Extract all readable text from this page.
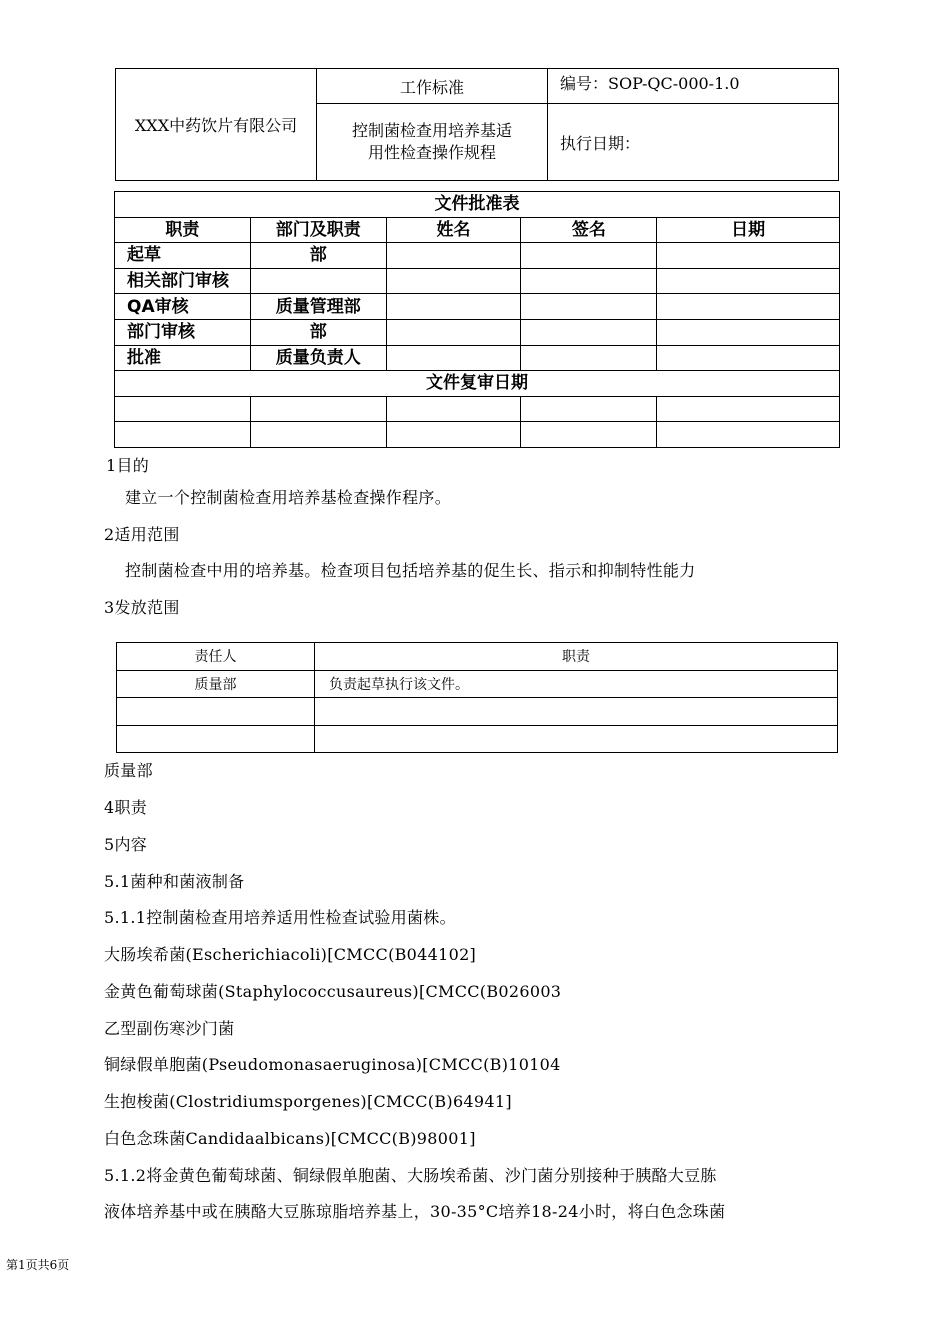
XXX中药饮片有限公司	工作标准	编号：SOP-QC-000-1.0

	控制菌检查用培养基适
用性检查操作规程	执行日期：
文件批准表				
职责	部门及职责	姓名	签名	日期
起草	部			
相关部门审核				
QA审核	质量管理部			
部门审核	部			
批准	质量负责人			
文件复审日期				

1目的
建立一个控制菌检查用培养基检查操作程序。
2适用范围
控制菌检查中用的培养基。检查项目包括培养基的促生长、指示和抑制特性能力
3发放范围
责任人	职责
质量部	负责起草执行该文件。

质量部
4职责
5内容
5.1菌种和菌液制备
5.1.1控制菌检查用培养适用性检查试验用菌株。
大肠埃希菌(Escherichiacoli)[CMCC(B044102]
金黄色葡萄球菌(Staphylococcusaureus)[CMCC(B026003
乙型副伤寒沙门菌
铜绿假单胞菌(Pseudomonasaeruginosa)[CMCC(B)10104
生抱梭菌(Clostridiumsporgenes)[CMCC(B)64941]
白色念珠菌Candidaalbicans)[CMCC(B)98001]
5.1.2将金黄色葡萄球菌、铜绿假单胞菌、大肠埃希菌、沙门菌分别接种于胰酪大豆胨
液体培养基中或在胰酪大豆胨琼脂培养基上，30-35°C培养18-24小时，将白色念珠菌
第1页共6页
